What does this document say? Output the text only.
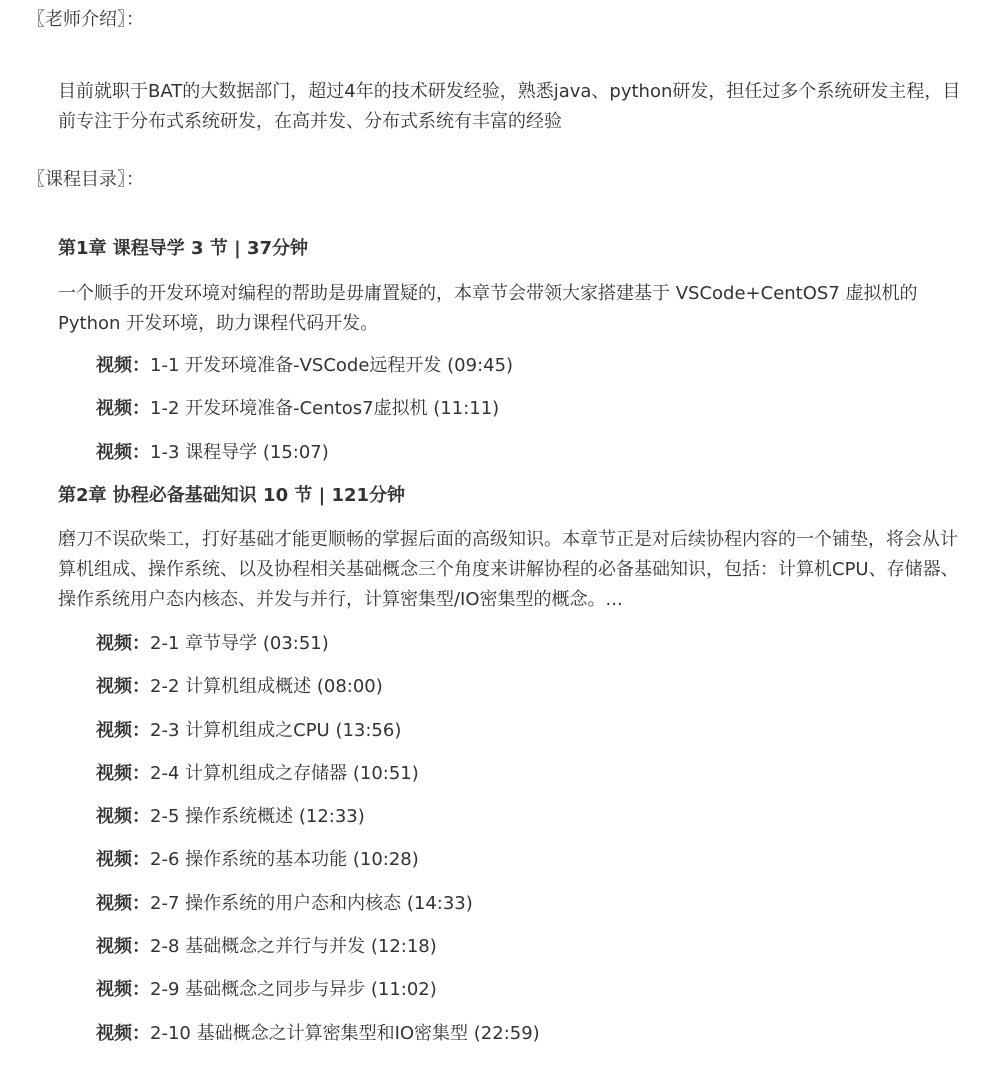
〖老师介绍〗：
目前就职于BAT的大数据部门，超过4年的技术研发经验，熟悉java、python研发，担任过多个系统研发主程，目前专注于分布式系统研发，在高并发、分布式系统有丰富的经验
〖课程目录〗：
第1章 课程导学 3 节 | 37分钟
一个顺手的开发环境对编程的帮助是毋庸置疑的，本章节会带领大家搭建基于 VSCode+CentOS7 虚拟机的 Python 开发环境，助力课程代码开发。
视频：1-1 开发环境准备-VSCode远程开发 (09:45)
视频：1-2 开发环境准备-Centos7虚拟机 (11:11)
视频：1-3 课程导学 (15:07)
第2章 协程必备基础知识 10 节 | 121分钟
磨刀不误砍柴工，打好基础才能更顺畅的掌握后面的高级知识。本章节正是对后续协程内容的一个铺垫，将会从计算机组成、操作系统、以及协程相关基础概念三个角度来讲解协程的必备基础知识，包括：计算机CPU、存储器、操作系统用户态内核态、并发与并行，计算密集型/IO密集型的概念。...
视频：2-1 章节导学 (03:51)
视频：2-2 计算机组成概述 (08:00)
视频：2-3 计算机组成之CPU (13:56)
视频：2-4 计算机组成之存储器 (10:51)
视频：2-5 操作系统概述 (12:33)
视频：2-6 操作系统的基本功能 (10:28)
视频：2-7 操作系统的用户态和内核态 (14:33)
视频：2-8 基础概念之并行与并发 (12:18)
视频：2-9 基础概念之同步与异步 (11:02)
视频：2-10 基础概念之计算密集型和IO密集型 (22:59)
